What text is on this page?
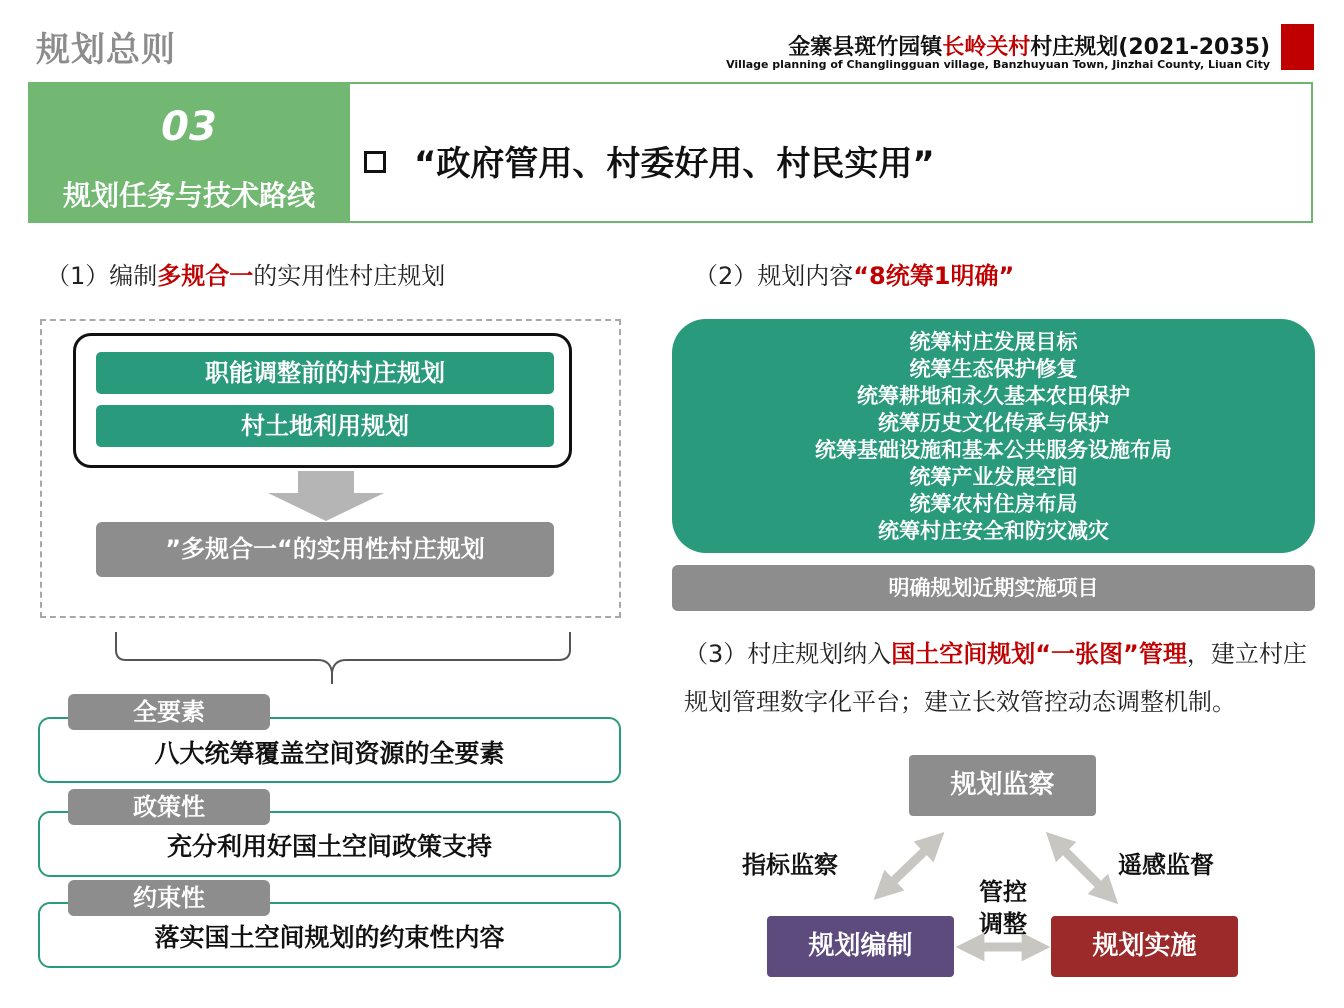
规划总则	金寨县斑竹园镇长岭关村村庄规划(2021-2035)
Village planning of Changlingguan village, Banzhuyuan Town, Jinzhai County, Liuan City
03
规划任务与技术路线
“政府管用、村委好用、村民实用”
（1）编制多规合一的实用性村庄规划
职能调整前的村庄规划
村土地利用规划
”多规合一“的实用性村庄规划
全要素
八大统筹覆盖空间资源的全要素
政策性
充分利用好国土空间政策支持
约束性
落实国土空间规划的约束性内容
（2）规划内容“8统筹1明确”
统筹村庄发展目标
统筹生态保护修复
统筹耕地和永久基本农田保护
统筹历史文化传承与保护
统筹基础设施和基本公共服务设施布局
统筹产业发展空间
统筹农村住房布局
统筹村庄安全和防灾减灾
明确规划近期实施项目
（3）村庄规划纳入国土空间规划“一张图”管理，建立村庄规划管理数字化平台；建立长效管控动态调整机制。
规划监察
规划编制	规划实施
指标监察	遥感监督
管控
调整
